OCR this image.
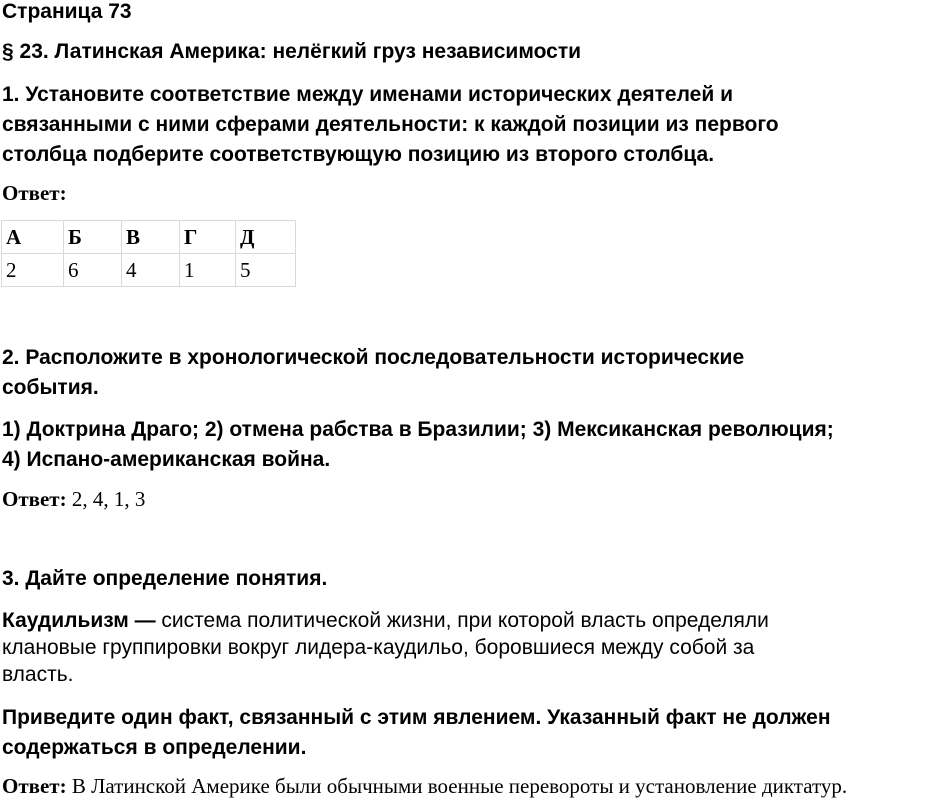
Страница 73
§ 23. Латинская Америка: нелёгкий груз независимости
1. Установите соответствие между именами исторических деятелей и
связанными с ними сферами деятельности: к каждой позиции из первого
столбца подберите соответствующую позицию из второго столбца.
Ответ:
А	Б	В	Г	Д
2	6	4	1	5
2. Расположите в хронологической последовательности исторические
события.
1) Доктрина Драго; 2) отмена рабства в Бразилии; 3) Мексиканская революция;
4) Испано-американская война.
Ответ: 2, 4, 1, 3
3. Дайте определение понятия.
Каудильизм — система политической жизни, при которой власть определяли
клановые группировки вокруг лидера-каудильо, боровшиеся между собой за
власть.
Приведите один факт, связанный с этим явлением. Указанный факт не должен
содержаться в определении.
Ответ: В Латинской Америке были обычными военные перевороты и установление диктатур.
